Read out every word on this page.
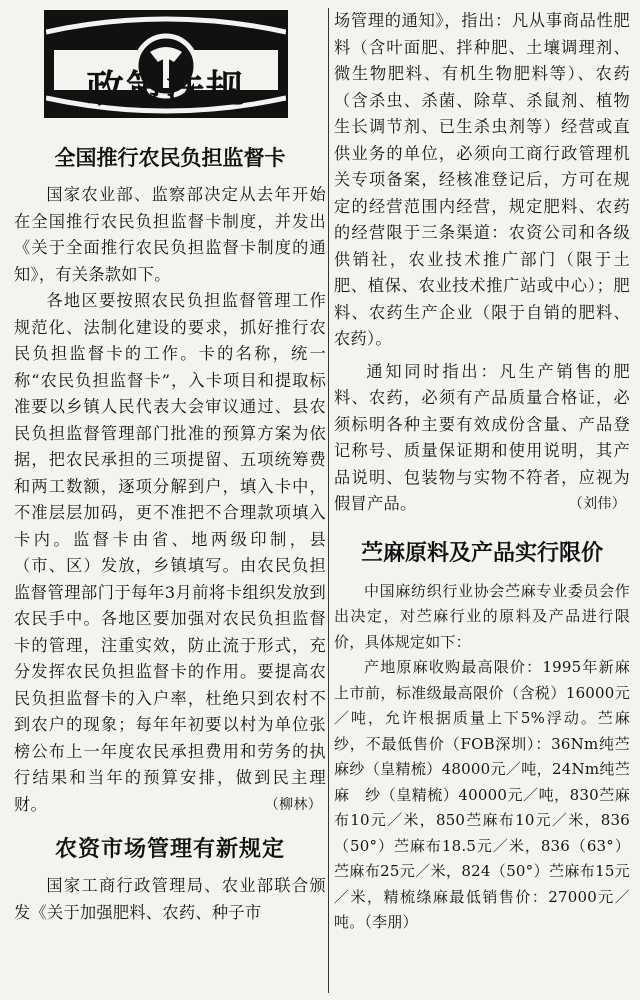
政策法规
全国推行农民负担监督卡

国家农业部、监察部决定从去年开始在全国推行农民负担监督卡制度，并发出《关于全面推行农民负担监督卡制度的通知》，有关条款如下。

各地区要按照农民负担监督管理工作规范化、法制化建设的要求，抓好推行农民负担监督卡的工作。卡的名称，统一称“农民负担监督卡”，入卡项目和提取标准要以乡镇人民代表大会审议通过、县农民负担监督管理部门批准的预算方案为依据，把农民承担的三项提留、五项统筹费和两工数额，逐项分解到户，填入卡中，不准层层加码，更不准把不合理款项填入卡内。监督卡由省、地两级印制，县（市、区）发放，乡镇填写。由农民负担监督管理部门于每年3月前将卡组织发放到农民手中。各地区要加强对农民负担监督卡的管理，注重实效，防止流于形式，充分发挥农民负担监督卡的作用。要提高农民负担监督卡的入户率，杜绝只到农村不到农户的现象；每年年初要以村为单位张榜公布上一年度农民承担费用和劳务的执行结果和当年的预算安排，做到民主理财。	（柳林）

农资市场管理有新规定

国家工商行政管理局、农业部联合颁发《关于加强肥料、农药、种子市

场管理的通知》，指出：凡从事商品性肥料（含叶面肥、拌种肥、土壤调理剂、微生物肥料、有机生物肥料等）、农药（含杀虫、杀菌、除草、杀鼠剂、植物生长调节剂、已生杀虫剂等）经营或直供业务的单位，必须向工商行政管理机关专项备案，经核准登记后，方可在规定的经营范围内经营，规定肥料、农药的经营限于三条渠道：农资公司和各级供销社，农业技术推广部门（限于土肥、植保、农业技术推广站或中心）；肥料、农药生产企业（限于自销的肥料、农药）。

通知同时指出：凡生产销售的肥料、农药，必须有产品质量合格证，必须标明各种主要有效成份含量、产品登记称号、质量保证期和使用说明，其产品说明、包装物与实物不符者，应视为假冒产品。	（刘伟）

苎麻原料及产品实行限价

中国麻纺织行业协会苎麻专业委员会作出决定，对苎麻行业的原料及产品进行限价，具体规定如下：

产地原麻收购最高限价：1995年新麻上市前，标准级最高限价（含税）16000元／吨，允许根据质量上下5%浮动。苎麻纱，不最低售价（FOB深圳）：36Nm纯苎麻纱（皇精梳）48000元／吨，24Nm纯苎麻　纱（皇精梳）40000元／吨，830苎麻布10元／米，850苎麻布10元／米，836（50°）苎麻布18.5元／米，836（63°）苎麻布25元／米，824（50°）苎麻布15元／米，精梳绦麻最低销售价：27000元／吨。（李朋）
